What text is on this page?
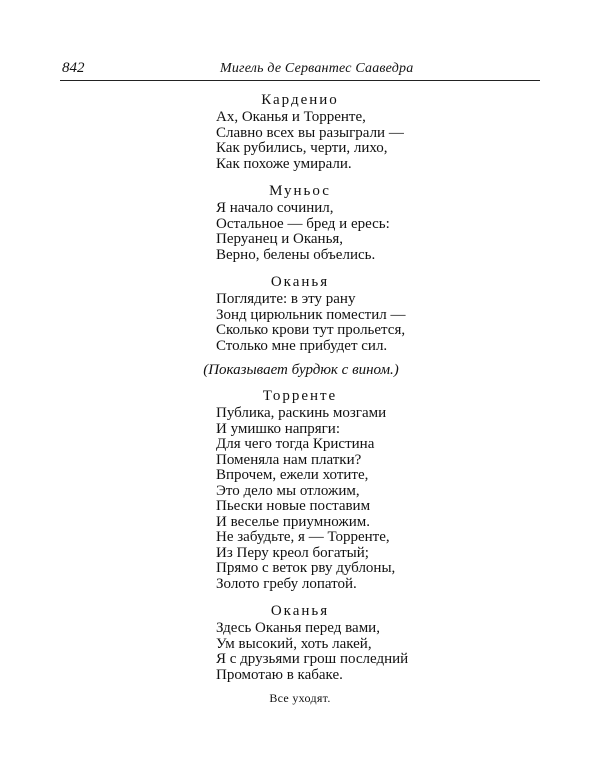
842	Мигель де Сервантес Сааведра

Карденио

Ах, Оканья и Торренте,
Славно всех вы разыграли —
Как рубились, черти, лихо,
Как похоже умирали.

Муньос

Я начало сочинил,
Остальное — бред и ересь:
Перуанец и Оканья,
Верно, белены объелись.

Оканья

Поглядите: в эту рану
Зонд цирюльник поместил —
Сколько крови тут прольется,
Столько мне прибудет сил.

(Показывает бурдюк с вином.)

Торренте

Публика, раскинь мозгами
И умишко напряги:
Для чего тогда Кристина
Поменяла нам платки?
Впрочем, ежели хотите,
Это дело мы отложим,
Пьески новые поставим
И веселье приумножим.
Не забудьте, я — Торренте,
Из Перу креол богатый;
Прямо с веток рву дублоны,
Золото гребу лопатой.

Оканья

Здесь Оканья перед вами,
Ум высокий, хоть лакей,
Я с друзьями грош последний
Промотаю в кабаке.

Все уходят.
